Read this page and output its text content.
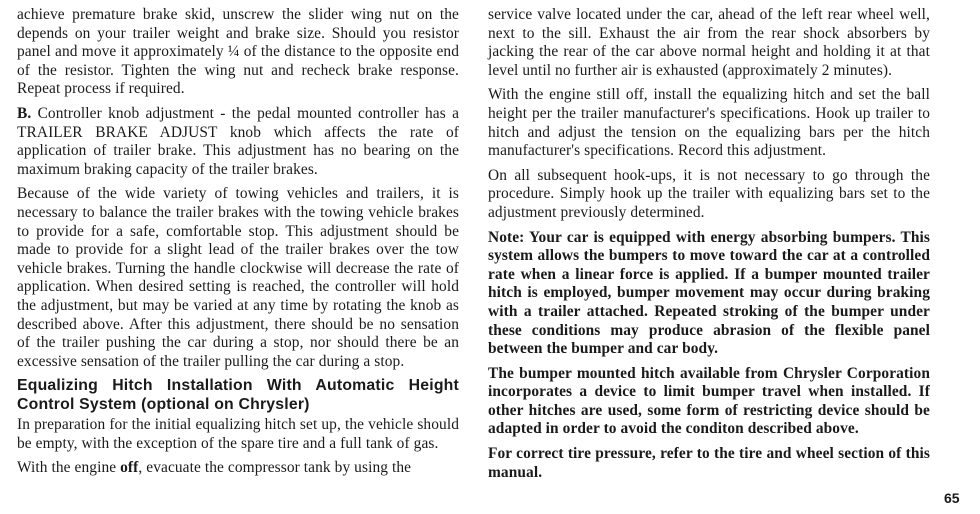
achieve premature brake skid, unscrew the slider wing nut on the depends on your trailer weight and brake size. Should you resistor panel and move it approximately ¼ of the distance to the opposite end of the resistor. Tighten the wing nut and recheck brake response. Repeat process if required.

B. Controller knob adjustment - the pedal mounted controller has a TRAILER BRAKE ADJUST knob which affects the rate of application of trailer brake. This adjustment has no bearing on the maximum braking capacity of the trailer brakes.

Because of the wide variety of towing vehicles and trailers, it is necessary to balance the trailer brakes with the towing vehicle brakes to provide for a safe, comfortable stop. This adjustment should be made to provide for a slight lead of the trailer brakes over the tow vehicle brakes. Turning the handle clockwise will decrease the rate of application. When desired setting is reached, the controller will hold the adjustment, but may be varied at any time by rotating the knob as described above. After this adjustment, there should be no sensation of the trailer pushing the car during a stop, nor should there be an excessive sensation of the trailer pulling the car during a stop.

Equalizing Hitch Installation With Automatic Height Control System (optional on Chrysler)

In preparation for the initial equalizing hitch set up, the vehicle should be empty, with the exception of the spare tire and a full tank of gas.

With the engine off, evacuate the compressor tank by using the

service valve located under the car, ahead of the left rear wheel well, next to the sill. Exhaust the air from the rear shock absorbers by jacking the rear of the car above normal height and holding it at that level until no further air is exhausted (approximately 2 minutes).

With the engine still off, install the equalizing hitch and set the ball height per the trailer manufacturer's specifications. Hook up trailer to hitch and adjust the tension on the equalizing bars per the hitch manufacturer's specifications. Record this adjustment.

On all subsequent hook-ups, it is not necessary to go through the procedure. Simply hook up the trailer with equalizing bars set to the adjustment previously determined.

Note: Your car is equipped with energy absorbing bumpers. This system allows the bumpers to move toward the car at a controlled rate when a linear force is applied. If a bumper mounted trailer hitch is employed, bumper movement may occur during braking with a trailer attached. Repeated stroking of the bumper under these conditions may produce abrasion of the flexible panel between the bumper and car body.

The bumper mounted hitch available from Chrysler Corporation incorporates a device to limit bumper travel when installed. If other hitches are used, some form of restricting device should be adapted in order to avoid the conditon described above.

For correct tire pressure, refer to the tire and wheel section of this manual.

65
